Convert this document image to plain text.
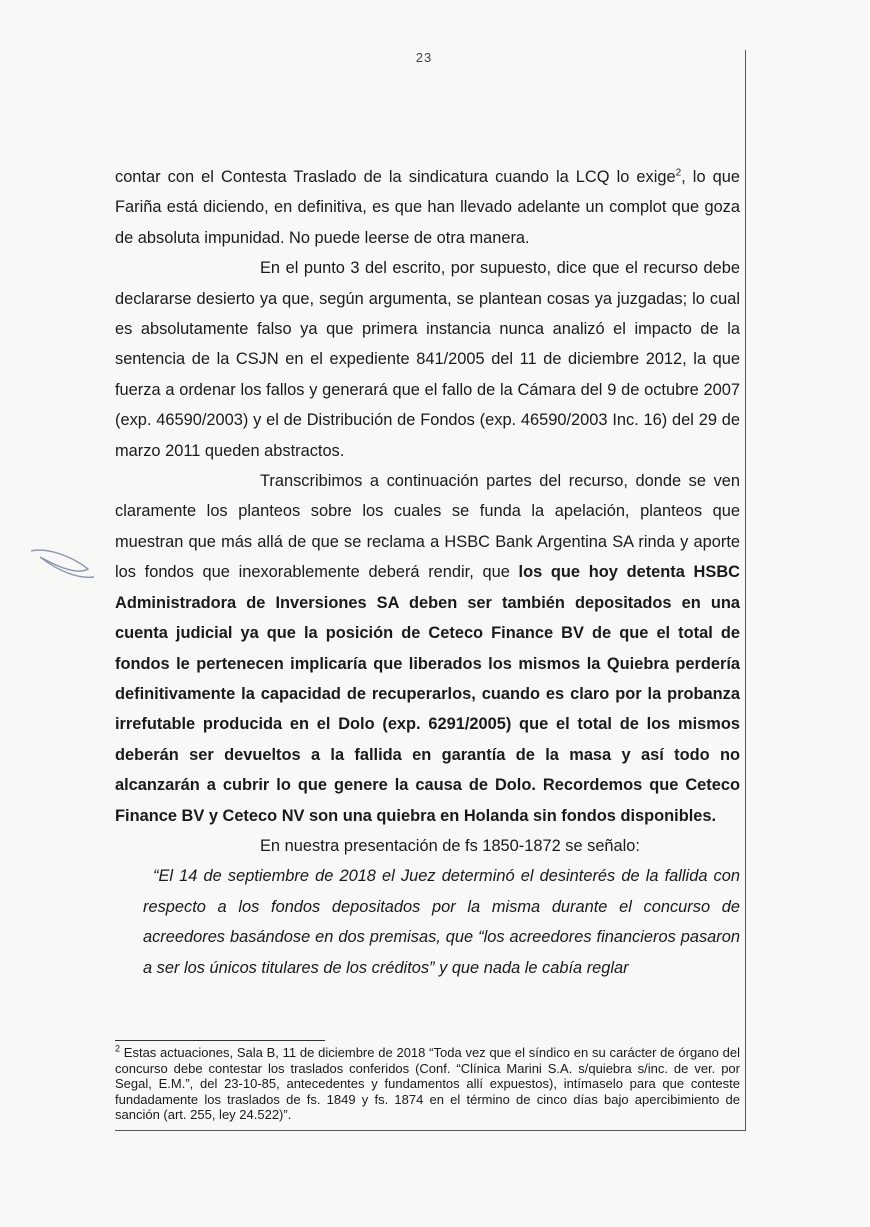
23

contar con el Contesta Traslado de la sindicatura cuando la LCQ lo exige$^2$, lo que Fariña está diciendo, en definitiva, es que han llevado adelante un complot que goza de absoluta impunidad. No puede leerse de otra manera.

En el punto 3 del escrito, por supuesto, dice que el recurso debe declararse desierto ya que, según argumenta, se plantean cosas ya juzgadas; lo cual es absolutamente falso ya que primera instancia nunca analizó el impacto de la sentencia de la CSJN en el expediente 841/2005 del 11 de diciembre 2012, la que fuerza a ordenar los fallos y generará que el fallo de la Cámara del 9 de octubre 2007 (exp. 46590/2003) y el de Distribución de Fondos (exp. 46590/2003 Inc. 16) del 29 de marzo 2011 queden abstractos.

Transcribimos a continuación partes del recurso, donde se ven claramente los planteos sobre los cuales se funda la apelación, planteos que muestran que más allá de que se reclama a HSBC Bank Argentina SA rinda y aporte los fondos que inexorablemente deberá rendir, que los que hoy detenta HSBC Administradora de Inversiones SA deben ser también depositados en una cuenta judicial ya que la posición de Ceteco Finance BV de que el total de fondos le pertenecen implicaría que liberados los mismos la Quiebra perdería definitivamente la capacidad de recuperarlos, cuando es claro por la probanza irrefutable producida en el Dolo (exp. 6291/2005) que el total de los mismos deberán ser devueltos a la fallida en garantía de la masa y así todo no alcanzarán a cubrir lo que genere la causa de Dolo. Recordemos que Ceteco Finance BV y Ceteco NV son una quiebra en Holanda sin fondos disponibles.

En nuestra presentación de fs 1850-1872 se señalo:

“El 14 de septiembre de 2018 el Juez determinó el desinterés de la fallida con respecto a los fondos depositados por la misma durante el concurso de acreedores basándose en dos premisas, que “los acreedores financieros pasaron a ser los únicos titulares de los créditos” y que nada le cabía reglar

$^2$ Estas actuaciones, Sala B, 11 de diciembre de 2018 “Toda vez que el síndico en su carácter de órgano del concurso debe contestar los traslados conferidos (Conf. “Clínica Marini S.A. s/quiebra s/inc. de ver. por Segal, E.M.”, del 23-10-85, antecedentes y fundamentos allí expuestos), intímaselo para que conteste fundadamente los traslados de fs. 1849 y fs. 1874 en el término de cinco días bajo apercibimiento de sanción (art. 255, ley 24.522)”.
